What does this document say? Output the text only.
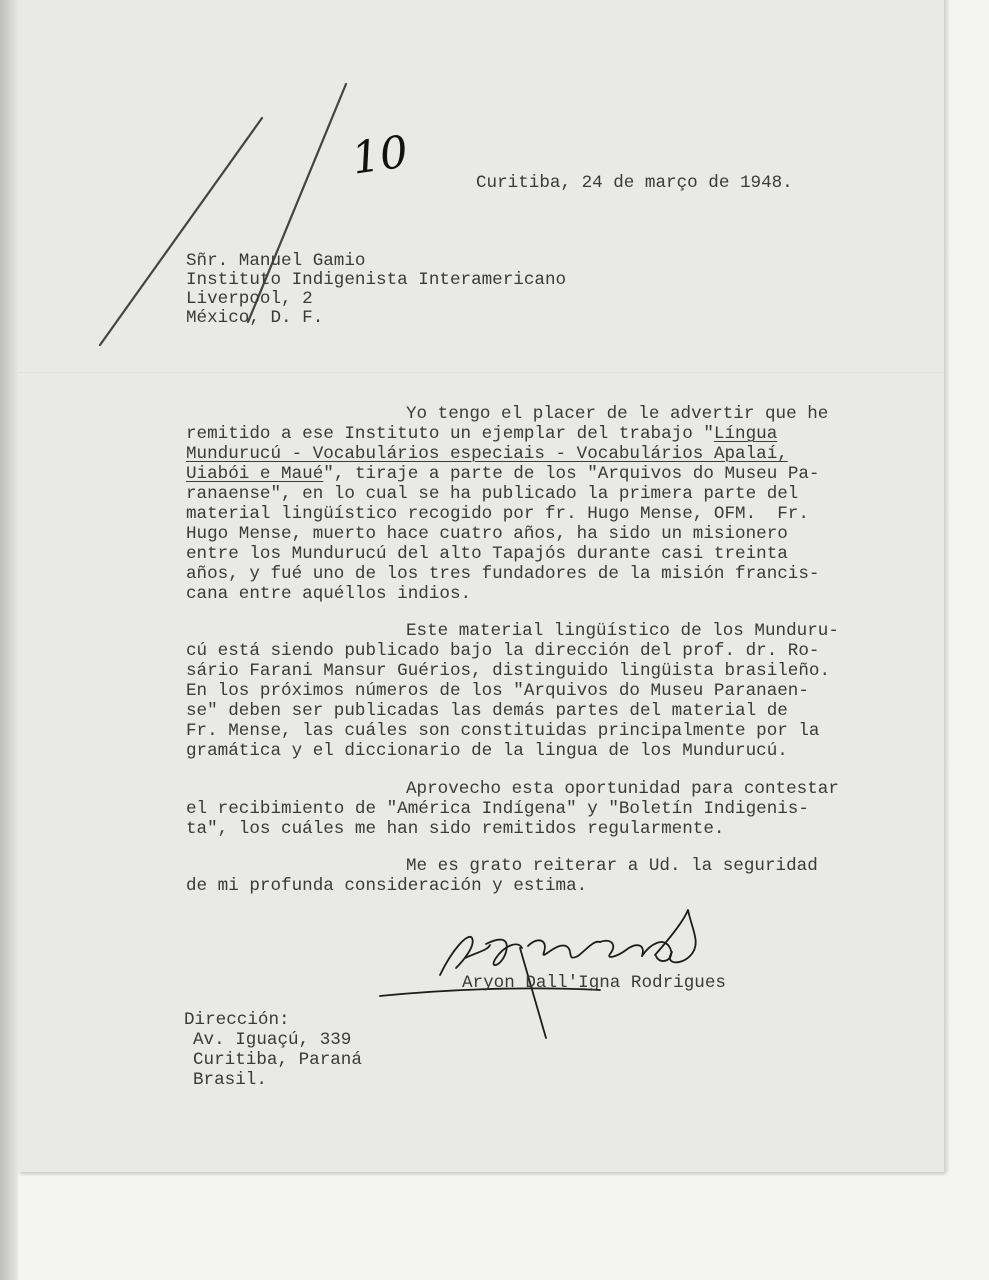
10	Curitiba, 24 de março de 1948.
Sñr. Manuel Gamio
Instituto Indigenista Interamericano
Liverpool, 2
México, D. F.
Yo tengo el placer de le advertir que he
remitido a ese Instituto un ejemplar del trabajo "Língua
Mundurucú - Vocabulários especiais - Vocabulários Apalaí,
Uiabói e Maué", tiraje a parte de los "Arquivos do Museu Pa-
ranaense", en lo cual se ha publicado la primera parte del
material lingüístico recogido por fr. Hugo Mense, OFM.  Fr.
Hugo Mense, muerto hace cuatro años, ha sido un misionero
entre los Mundurucú del alto Tapajós durante casi treinta
años, y fué uno de los tres fundadores de la misión francis-
cana entre aquéllos indios.
Este material lingüístico de los Munduru-
cú está siendo publicado bajo la dirección del prof. dr. Ro-
sário Farani Mansur Guérios, distinguido lingüista brasileño.
En los próximos números de los "Arquivos do Museu Paranaen-
se" deben ser publicadas las demás partes del material de
Fr. Mense, las cuáles son constituidas principalmente por la
gramática y el diccionario de la lingua de los Mundurucú.
Aprovecho esta oportunidad para contestar
el recibimiento de "América Indígena" y "Boletín Indigenis-
ta", los cuáles me han sido remitidos regularmente.
Me es grato reiterar a Ud. la seguridad
de mi profunda consideración y estima.
Aryon Dall'Igna Rodrigues
Dirección:
Av. Iguaçú, 339
Curitiba, Paraná
Brasil.
